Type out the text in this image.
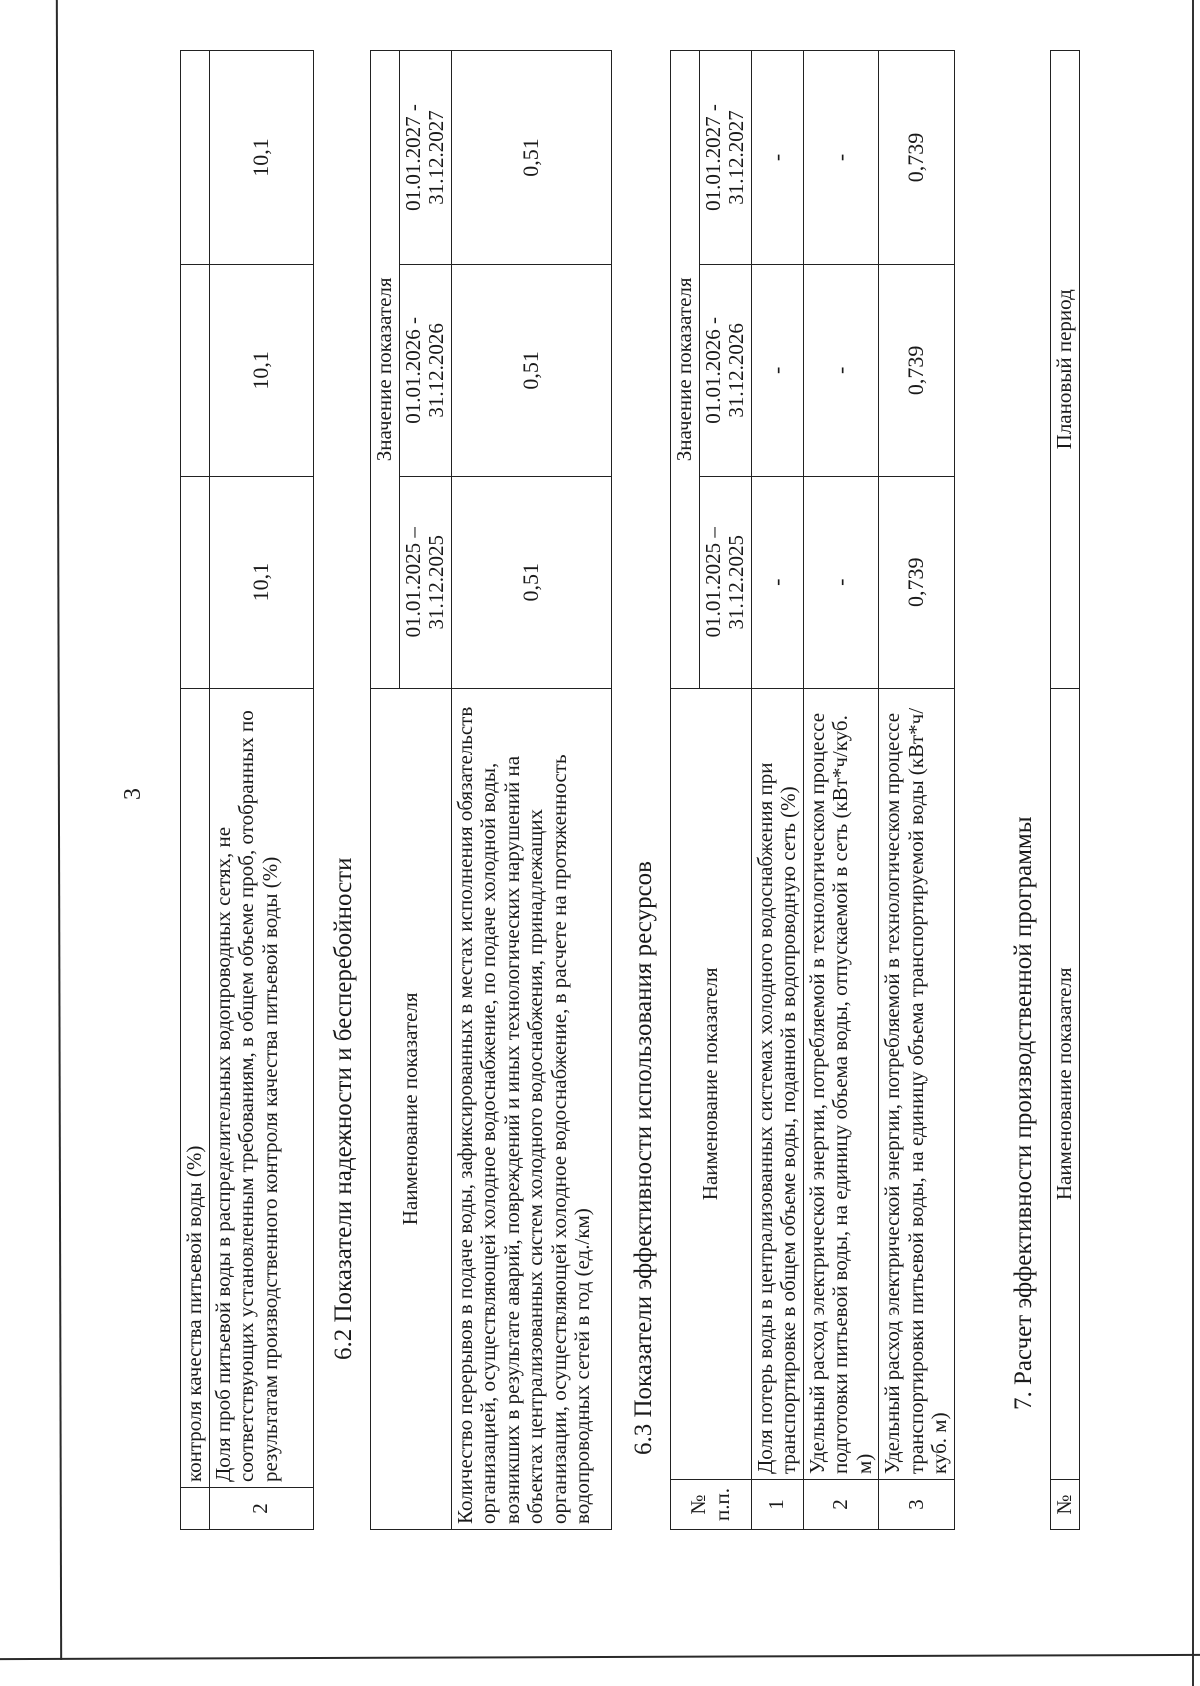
3
	контроля качества питьевой воды (%)			
2	Доля проб питьевой воды в распределительных водопроводных сетях, не соответствующих установленным требованиям, в общем объеме проб, отобранных по результатам производственного контроля качества питьевой воды (%)	10,1	10,1	10,1
6.2 Показатели надежности и бесперебойности Наименование показателя	Значение показателя		
	01.01.2025 – 31.12.2025	01.01.2026 - 31.12.2026	01.01.2027 - 31.12.2027
Количество перерывов в подаче воды, зафиксированных в местах исполнения обязательств организацией, осуществляющей холодное водоснабжение, по подаче холодной воды, возникших в результате аварий, повреждений и иных технологических нарушений на объектах централизованных систем холодного водоснабжения, принадлежащих организации, осуществляющей холодное водоснабжение, в расчете на протяженность водопроводных сетей в год (ед./км)	0,51	0,51	0,51
6.3 Показатели эффективности использования ресурсов
№ п.п.	Наименование показателя	Значение показателя		
		01.01.2025 – 31.12.2025	01.01.2026 - 31.12.2026	01.01.2027 - 31.12.2027
1	Доля потерь воды в централизованных системах холодного водоснабжения при транспортировке в общем объеме воды, поданной в водопроводную сеть (%)	-	-	-
2	Удельный расход электрической энергии, потребляемой в технологическом процессе подготовки питьевой воды, на единицу объема воды, отпускаемой в сеть (кВт*ч/куб. м)	-	-	-
3	Удельный расход электрической энергии, потребляемой в технологическом процессе транспортировки питьевой воды, на единицу объема транспортируемой воды (кВт*ч/куб. м)	0,739	0,739	0,739
7. Расчет эффективности производственной программы
№	Наименование показателя	Плановый период
